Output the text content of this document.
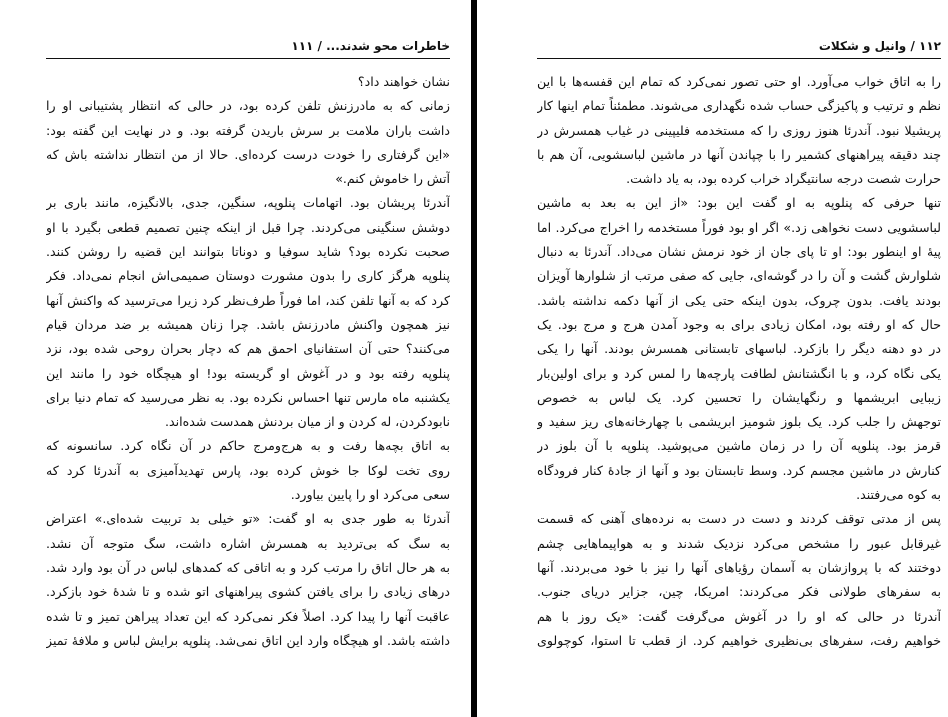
خاطرات محو شدند... / ۱۱۱
نشان خواهند داد؟
زمانی که به مادرزنش تلفن کرده بود، در حالی که انتظار پشتیبانی او را
داشت باران ملامت بر سرش باریدن گرفته بود. و در نهایت این گفته بود:
«این گرفتاری را خودت درست کرده‌ای. حالا از من انتظار نداشته باش که
آتش را خاموش کنم.»
آندرئا پریشان بود. اتهامات پنلوپه، سنگین، جدی، بالانگیزه، مانند باری بر
دوشش سنگینی می‌کردند. چرا قبل از اینکه چنین تصمیم قطعی بگیرد با او
صحبت نکرده بود؟ شاید سوفیا و دوناتا بتوانند این قضیه را روشن کنند.
پنلوپه هرگز کاری را بدون مشورت دوستان صمیمی‌اش انجام نمی‌داد. فکر
کرد که به آنها تلفن کند، اما فوراً طرف‌نظر کرد زیرا می‌ترسید که واکنش آنها
نیز همچون واکنش مادرزنش باشد. چرا زنان همیشه بر ضد مردان قیام
می‌کنند؟ حتی آن استفانیای احمق هم که دچار بحران روحی شده بود، نزد
پنلوپه رفته بود و در آغوش او گریسته بود! او هیچگاه خود را مانند این
یکشنبه ماه مارس تنها احساس نکرده بود. به نظر می‌رسید که تمام دنیا برای
نابودکردن، له کردن و از میان بردنش همدست شده‌اند.
به اتاق بچه‌ها رفت و به هرج‌ومرج حاکم در آن نگاه کرد. سانسونه که
روی تخت لوکا جا خوش کرده بود، پارس تهدیدآمیزی به آندرئا کرد که
سعی می‌کرد او را پایین بیاورد.
آندرئا به طور جدی به او گفت: «تو خیلی بد تربیت شده‌ای.» اعتراض
به سگ که بی‌تردید به همسرش اشاره داشت، سگ متوجه آن نشد.
به هر حال اتاق را مرتب کرد و به اتاقی که کمدهای لباس در آن بود وارد شد.
درهای زیادی را برای یافتن کشوی پیراهنهای اتو شده و تا شدهٔ خود بازکرد.
عاقبت آنها را پیدا کرد. اصلاً فکر نمی‌کرد که این تعداد پیراهن تمیز و تا شده
داشته باشد. او هیچگاه وارد این اتاق نمی‌شد. پنلوپه برایش لباس و ملافهٔ تمیز
۱۱۲ / وانیل و شکلات
را به اتاق خواب می‌آورد. او حتی تصور نمی‌کرد که تمام این قفسه‌ها با این
نظم و ترتیب و پاکیزگی حساب شده نگهداری می‌شوند. مطمئناً تمام اینها کار
پریشیلا نبود. آندرئا هنوز روزی را که مستخدمه فلیپینی در غیاب همسرش در
چند دقیقه پیراهنهای کشمیر را با چپاندن آنها در ماشین لباسشویی، آن هم با
حرارت شصت درجه سانتیگراد خراب کرده بود، به یاد داشت.
تنها حرفی که پنلوپه به او گفت این بود: «از این به بعد به ماشین
لباسشویی دست نخواهی زد.» اگر او بود فوراً مستخدمه را اخراج می‌کرد. اما
پیهٔ او اینطور بود: او تا پای جان از خود نرمش نشان می‌داد. آندرئا به دنبال
شلوارش گشت و آن را در گوشه‌ای، جایی که صفی مرتب از شلوارها آویزان
بودند یافت. بدون چروک، بدون اینکه حتی یکی از آنها دکمه نداشته باشد.
حال که او رفته بود، امکان زیادی برای به وجود آمدن هرج و مرج بود. یک
در دو دهنه دیگر را بازکرد. لباسهای تابستانی همسرش بودند. آنها را یکی
یکی نگاه کرد، و با انگشتانش لطافت پارچه‌ها را لمس کرد و برای اولین‌بار
زیبایی ابریشمها و رنگهایشان را تحسین کرد. یک لباس به خصوص
توجهش را جلب کرد. یک بلوز شومیز ابریشمی با چهارخانه‌های ریز سفید و
قرمز بود. پنلوپه آن را در زمان ماشین می‌پوشید. پنلوپه با آن بلوز در
کنارش در ماشین مجسم کرد. وسط تابستان بود و آنها از جادهٔ کنار فرودگاه
به کوه می‌رفتند.
پس از مدتی توقف کردند و دست در دست به نرده‌های آهنی که قسمت
غیرقابل عبور را مشخص می‌کرد نزدیک شدند و به هواپیماهایی چشم
دوختند که با پروازشان به آسمان رؤیاهای آنها را نیز با خود می‌بردند. آنها
به سفرهای طولانی فکر می‌کردند: امریکا، چین، جزایر دریای جنوب.
آندرئا در حالی که او را در آغوش می‌گرفت گفت: «یک روز با هم
خواهیم رفت، سفرهای بی‌نظیری خواهیم کرد. از قطب تا استوا، کوچولوی
